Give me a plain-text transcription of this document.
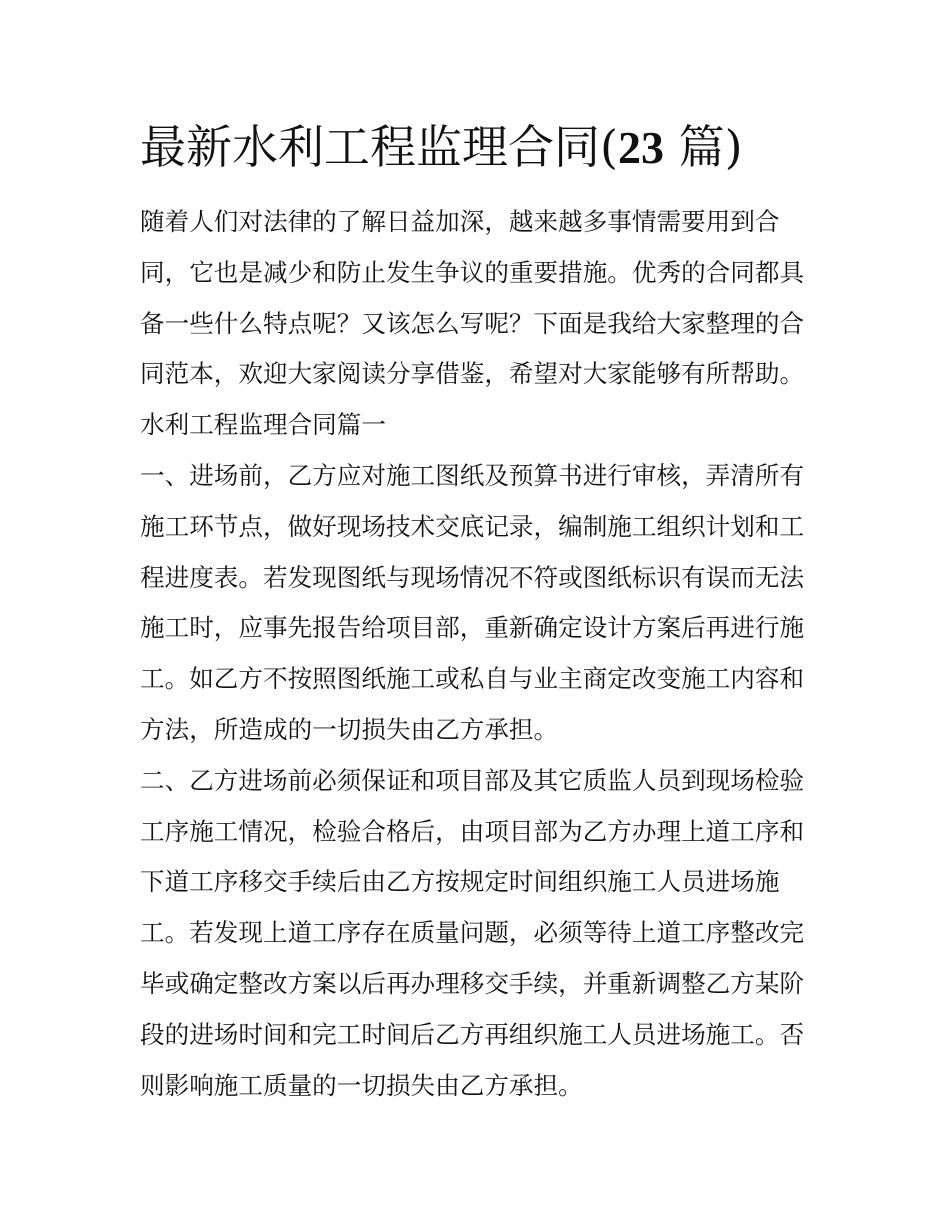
最新水利工程监理合同(23 篇)
随着人们对法律的了解日益加深，越来越多事情需要用到合
同，它也是减少和防止发生争议的重要措施。优秀的合同都具
备一些什么特点呢？又该怎么写呢？下面是我给大家整理的合
同范本，欢迎大家阅读分享借鉴，希望对大家能够有所帮助。
水利工程监理合同篇一
一、进场前，乙方应对施工图纸及预算书进行审核，弄清所有
施工环节点，做好现场技术交底记录，编制施工组织计划和工
程进度表。若发现图纸与现场情况不符或图纸标识有误而无法
施工时，应事先报告给项目部，重新确定设计方案后再进行施
工。如乙方不按照图纸施工或私自与业主商定改变施工内容和
方法，所造成的一切损失由乙方承担。
二、乙方进场前必须保证和项目部及其它质监人员到现场检验
工序施工情况，检验合格后，由项目部为乙方办理上道工序和
下道工序移交手续后由乙方按规定时间组织施工人员进场施
工。若发现上道工序存在质量问题，必须等待上道工序整改完
毕或确定整改方案以后再办理移交手续，并重新调整乙方某阶
段的进场时间和完工时间后乙方再组织施工人员进场施工。否
则影响施工质量的一切损失由乙方承担。
